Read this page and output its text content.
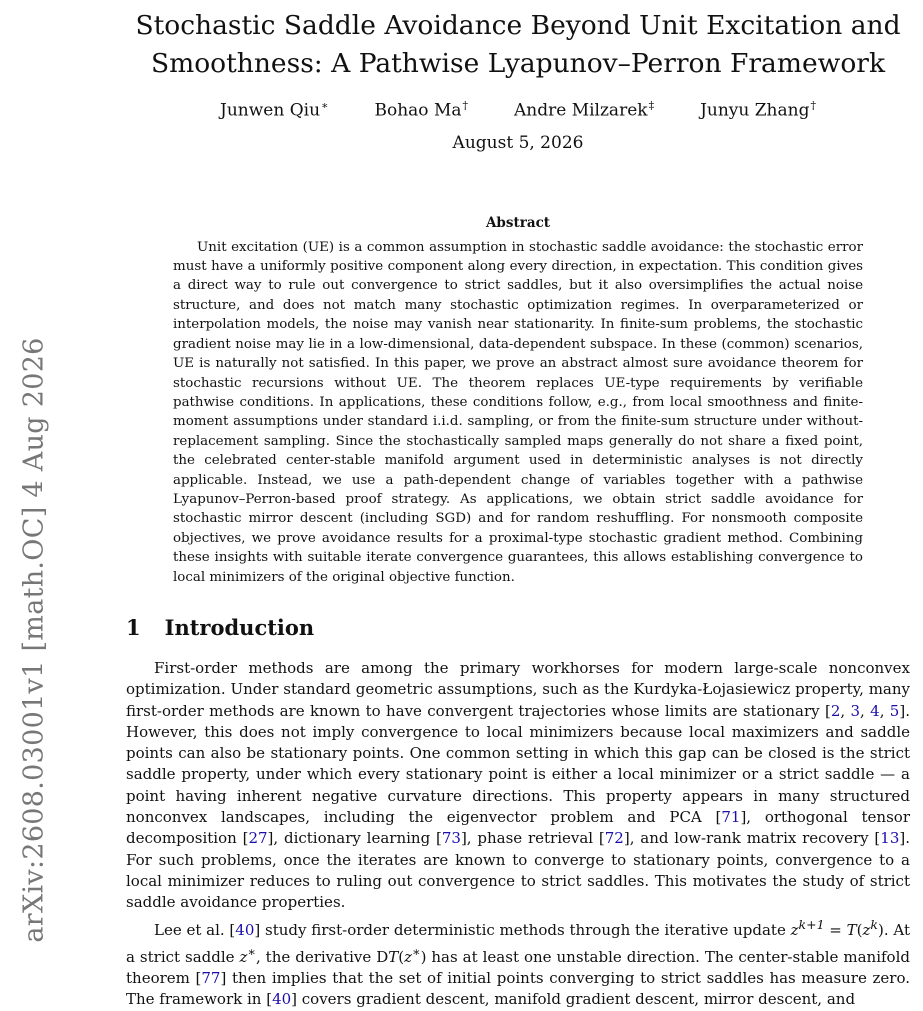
arXiv:2608.03001v1 [math.OC] 4 Aug 2026
Stochastic Saddle Avoidance Beyond Unit Excitation and
Smoothness: A Pathwise Lyapunov–Perron Framework
Junwen Qiu∗	Bohao Ma†	Andre Milzarek‡	Junyu Zhang†
August 5, 2026
Abstract

Unit excitation (UE) is a common assumption in stochastic saddle avoidance: the stochastic error must have a uniformly positive component along every direction, in expectation. This condition gives a direct way to rule out convergence to strict saddles, but it also oversimplifies the actual noise structure, and does not match many stochastic optimization regimes. In overparameterized or interpolation models, the noise may vanish near stationarity. In finite-sum problems, the stochastic gradient noise may lie in a low-dimensional, data-dependent subspace. In these (common) scenarios, UE is naturally not satisfied. In this paper, we prove an abstract almost sure avoidance theorem for stochastic recursions without UE. The theorem replaces UE-type requirements by verifiable pathwise conditions. In applications, these conditions follow, e.g., from local smoothness and finite-moment assumptions under standard i.i.d. sampling, or from the finite-sum structure under without-replacement sampling. Since the stochastically sampled maps generally do not share a fixed point, the celebrated center-stable manifold argument used in deterministic analyses is not directly applicable. Instead, we use a path-dependent change of variables together with a pathwise Lyapunov–Perron-based proof strategy. As applications, we obtain strict saddle avoidance for stochastic mirror descent (including SGD) and for random reshuffling. For nonsmooth composite objectives, we prove avoidance results for a proximal-type stochastic gradient method. Combining these insights with suitable iterate convergence guarantees, this allows establishing convergence to local minimizers of the original objective function.

1 Introduction

First-order methods are among the primary workhorses for modern large-scale nonconvex optimization. Under standard geometric assumptions, such as the Kurdyka-Łojasiewicz property, many first-order methods are known to have convergent trajectories whose limits are stationary [2, 3, 4, 5]. However, this does not imply convergence to local minimizers because local maximizers and saddle points can also be stationary points. One common setting in which this gap can be closed is the strict saddle property, under which every stationary point is either a local minimizer or a strict saddle — a point having inherent negative curvature directions. This property appears in many structured nonconvex landscapes, including the eigenvector problem and PCA [71], orthogonal tensor decomposition [27], dictionary learning [73], phase retrieval [72], and low-rank matrix recovery [13]. For such problems, once the iterates are known to converge to stationary points, convergence to a local minimizer reduces to ruling out convergence to strict saddles. This motivates the study of strict saddle avoidance properties.

Lee et al. [40] study first-order deterministic methods through the iterative update $z^{k+1} = T(z^k)$. At a strict saddle z∗, the derivative DT(z∗) has at least one unstable direction. The center-stable manifold theorem [77] then implies that the set of initial points converging to strict saddles has measure zero. The framework in [40] covers gradient descent, manifold gradient descent, mirror descent, and
